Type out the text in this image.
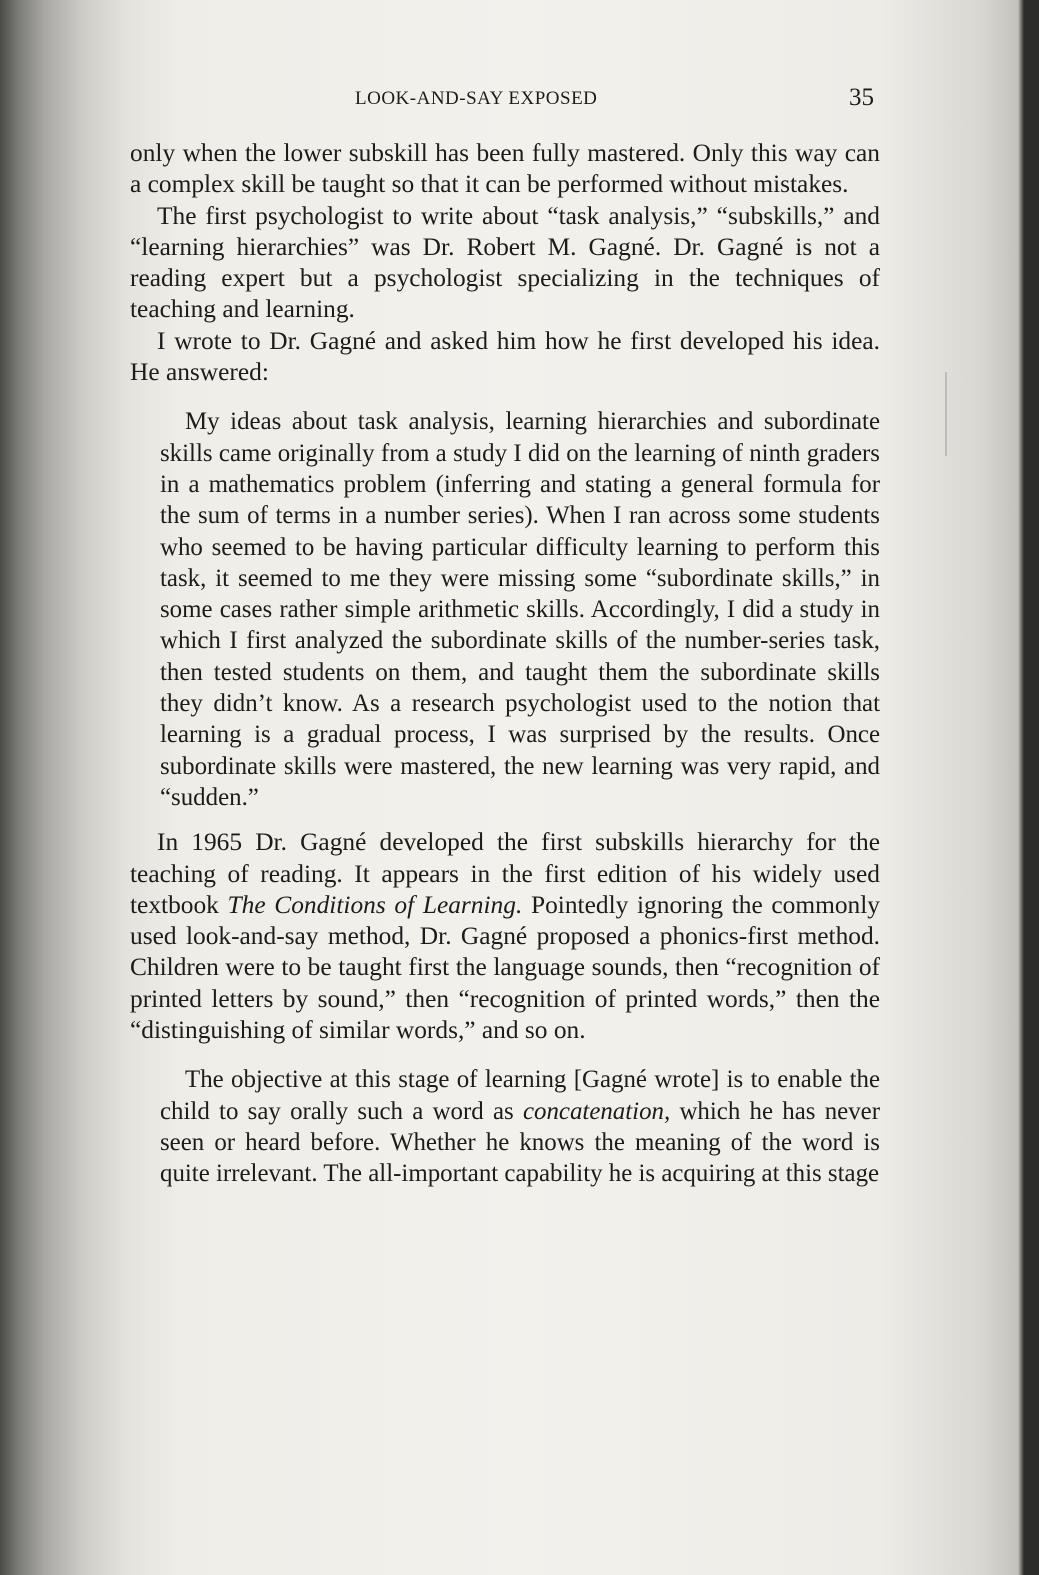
LOOK-AND-SAY EXPOSED	35

only when the lower subskill has been fully mastered. Only this way can a complex skill be taught so that it can be performed without mistakes.

The first psychologist to write about “task analysis,” “subskills,” and “learning hierarchies” was Dr. Robert M. Gagné. Dr. Gagné is not a reading expert but a psychologist specializing in the techniques of teaching and learning.

I wrote to Dr. Gagné and asked him how he first developed his idea. He answered:

My ideas about task analysis, learning hierarchies and subordinate skills came originally from a study I did on the learning of ninth graders in a mathematics problem (inferring and stating a general formula for the sum of terms in a number series). When I ran across some students who seemed to be having particular difficulty learning to perform this task, it seemed to me they were missing some “subordinate skills,” in some cases rather simple arithmetic skills. Accordingly, I did a study in which I first analyzed the subordinate skills of the number-series task, then tested students on them, and taught them the subordinate skills they didn’t know. As a research psychologist used to the notion that learning is a gradual process, I was surprised by the results. Once subordinate skills were mastered, the new learning was very rapid, and “sudden.”

In 1965 Dr. Gagné developed the first subskills hierarchy for the teaching of reading. It appears in the first edition of his widely used textbook The Conditions of Learning. Pointedly ignoring the commonly used look-and-say method, Dr. Gagné proposed a phonics-first method. Children were to be taught first the language sounds, then “recognition of printed letters by sound,” then “recognition of printed words,” then the “distinguishing of similar words,” and so on.

The objective at this stage of learning [Gagné wrote] is to enable the child to say orally such a word as concatenation, which he has never seen or heard before. Whether he knows the meaning of the word is quite irrelevant. The all-important capability he is acquiring at this stage
